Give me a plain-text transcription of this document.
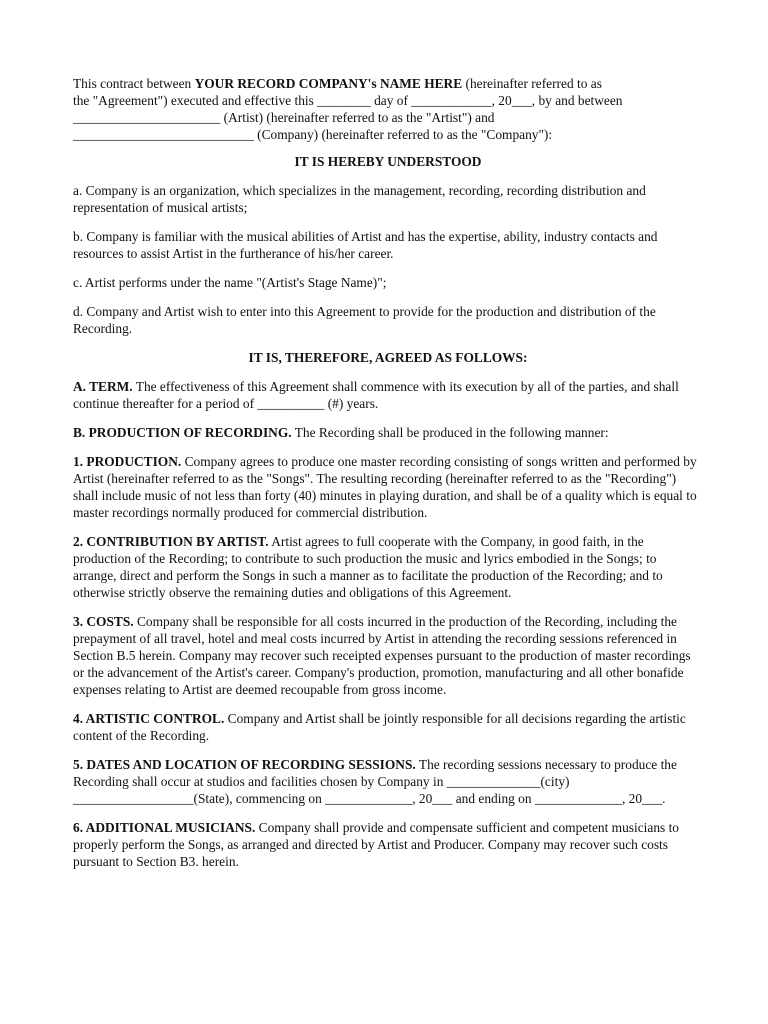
This contract between YOUR RECORD COMPANY's NAME HERE (hereinafter referred to as
the "Agreement") executed and effective this ________ day of ____________, 20___, by and between
______________________ (Artist) (hereinafter referred to as the "Artist") and
___________________________ (Company) (hereinafter referred to as the "Company"):

IT IS HEREBY UNDERSTOOD

a. Company is an organization, which specializes in the management, recording, recording distribution and representation of musical artists;

b. Company is familiar with the musical abilities of Artist and has the expertise, ability, industry contacts and resources to assist Artist in the furtherance of his/her career.

c. Artist performs under the name "(Artist's Stage Name)";

d. Company and Artist wish to enter into this Agreement to provide for the production and distribution of the Recording.

IT IS, THEREFORE, AGREED AS FOLLOWS:

A. TERM. The effectiveness of this Agreement shall commence with its execution by all of the parties, and shall continue thereafter for a period of __________ (#) years.

B. PRODUCTION OF RECORDING. The Recording shall be produced in the following manner:

1. PRODUCTION. Company agrees to produce one master recording consisting of songs written and performed by Artist (hereinafter referred to as the "Songs". The resulting recording (hereinafter referred to as the "Recording") shall include music of not less than forty (40) minutes in playing duration, and shall be of a quality which is equal to master recordings normally produced for commercial distribution.

2. CONTRIBUTION BY ARTIST. Artist agrees to full cooperate with the Company, in good faith, in the production of the Recording; to contribute to such production the music and lyrics embodied in the Songs; to arrange, direct and perform the Songs in such a manner as to facilitate the production of the Recording; and to otherwise strictly observe the remaining duties and obligations of this Agreement.

3. COSTS. Company shall be responsible for all costs incurred in the production of the Recording, including the prepayment of all travel, hotel and meal costs incurred by Artist in attending the recording sessions referenced in Section B.5 herein. Company may recover such receipted expenses pursuant to the production of master recordings or the advancement of the Artist's career. Company's production, promotion, manufacturing and all other bonafide expenses relating to Artist are deemed recoupable from gross income.

4. ARTISTIC CONTROL. Company and Artist shall be jointly responsible for all decisions regarding the artistic content of the Recording.

5. DATES AND LOCATION OF RECORDING SESSIONS. The recording sessions necessary to produce the Recording shall occur at studios and facilities chosen by Company in ______________(city) __________________(State), commencing on _____________, 20___ and ending on _____________, 20___.

6. ADDITIONAL MUSICIANS. Company shall provide and compensate sufficient and competent musicians to properly perform the Songs, as arranged and directed by Artist and Producer. Company may recover such costs pursuant to Section B3. herein.
